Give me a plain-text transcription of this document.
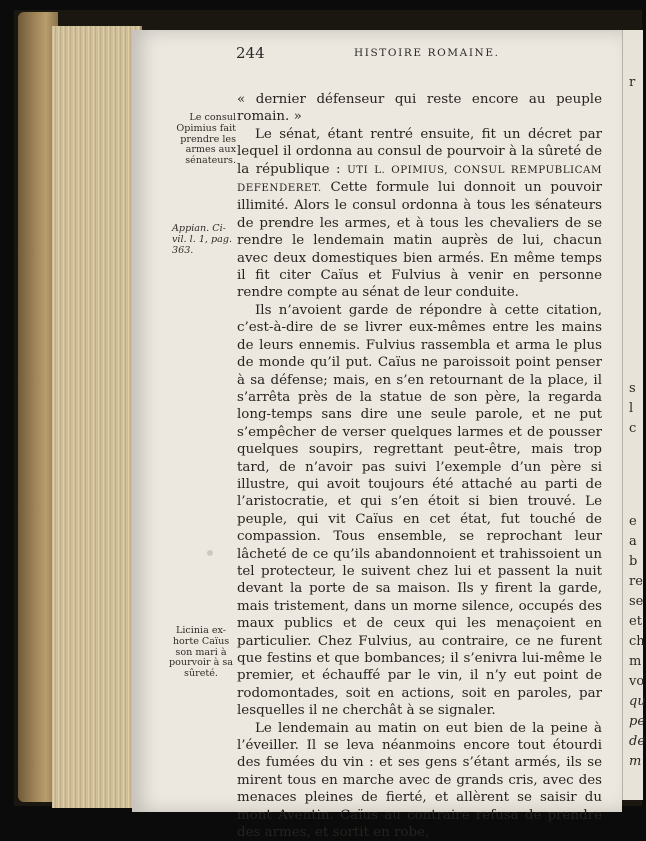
r
s
l
c
e
a
b
re
se
et
ch
m
vo
qu
pe
de
m
244	HISTOIRE ROMAINE.
Le consul Opimius fait prendre les armes aux sénateurs.
Appian. Ci-vil. l. 1, pag. 363.
Licinia ex-horte Caïus son mari à pourvoir à sa sûreté.

« dernier défenseur qui reste encore au peuple romain. »

Le sénat, étant rentré ensuite, fit un décret par lequel il ordonna au consul de pourvoir à la sûreté de la république : UTI L. OPIMIUS, CONSUL REMPUBLICAM DEFENDERET. Cette formule lui donnoit un pouvoir illimité. Alors le consul ordonna à tous les sénateurs de prendre les armes, et à tous les chevaliers de se rendre le lendemain matin auprès de lui, chacun avec deux domestiques bien armés. En même temps il fit citer Caïus et Fulvius à venir en personne rendre compte au sénat de leur conduite.

Ils n’avoient garde de répondre à cette citation, c’est-à-dire de se livrer eux-mêmes entre les mains de leurs ennemis. Fulvius rassembla et arma le plus de monde qu’il put. Caïus ne paroissoit point penser à sa défense; mais, en s’en retournant de la place, il s’arrêta près de la statue de son père, la regarda long-temps sans dire une seule parole, et ne put s’empêcher de verser quelques larmes et de pousser quelques soupirs, regrettant peut-être, mais trop tard, de n’avoir pas suivi l’exemple d’un père si illustre, qui avoit toujours été attaché au parti de l’aristocratie, et qui s’en étoit si bien trouvé. Le peuple, qui vit Caïus en cet état, fut touché de compassion. Tous ensemble, se reprochant leur lâcheté de ce qu’ils abandonnoient et trahissoient un tel protecteur, le suivent chez lui et passent la nuit devant la porte de sa maison. Ils y firent la garde, mais tristement, dans un morne silence, occupés des maux publics et de ceux qui les menaçoient en particulier. Chez Fulvius, au contraire, ce ne furent que festins et que bombances; il s’enivra lui-même le premier, et échauffé par le vin, il n’y eut point de rodomontades, soit en actions, soit en paroles, par lesquelles il ne cherchât à se signaler.

Le lendemain au matin on eut bien de la peine à l’éveiller. Il se leva néanmoins encore tout étourdi des fumées du vin : et ses gens s’étant armés, ils se mirent tous en marche avec de grands cris, avec des menaces pleines de fierté, et allèrent se saisir du mont Aventin. Caïus au contraire refusa de prendre des armes, et sortit en robe,
